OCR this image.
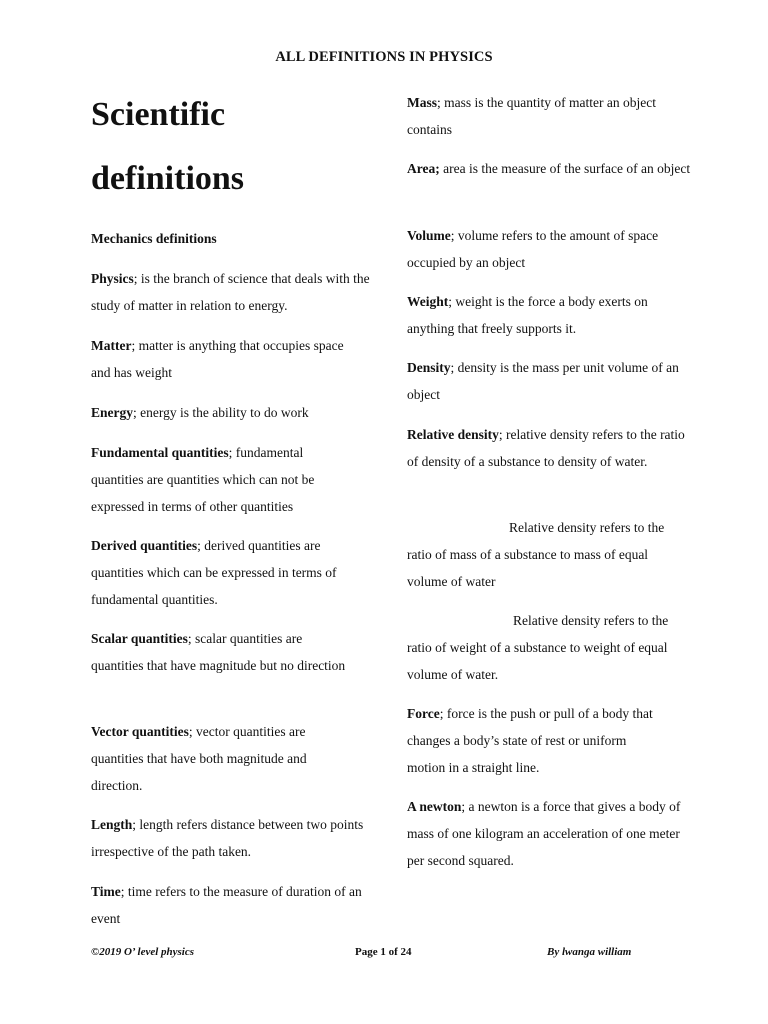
ALL DEFINITIONS IN PHYSICS
Scientific
definitions
Mechanics definitions

Physics; is the branch of science that deals with the study of matter in relation to energy.

Matter; matter is anything that occupies space and has weight

Energy; energy is the ability to do work

Fundamental quantities; fundamental quantities are quantities which can not be expressed in terms of other quantities

Derived quantities; derived quantities are quantities which can be expressed in terms of fundamental quantities.

Scalar quantities; scalar quantities are quantities that have magnitude but no direction

Vector quantities; vector quantities are quantities that have both magnitude and direction.

Length; length refers distance between two points irrespective of the path taken.

Time; time refers to the measure of duration of an event

Mass; mass is the quantity of matter an object contains

Area; area is the measure of the surface of an object

Volume; volume refers to the amount of space occupied by an object

Weight; weight is the force a body exerts on anything that freely supports it.

Density; density is the mass per unit volume of an object

Relative density; relative density refers to the ratio of density of a substance to density of water.

Relative density refers to the ratio of mass of a substance to mass of equal volume of water

Relative density refers to the ratio of weight of a substance to weight of equal volume of water.

Force; force is the push or pull of a body that changes a body’s state of rest or uniform motion in a straight line.

A newton; a newton is a force that gives a body of mass of one kilogram an acceleration of one meter per second squared.

©2019 O’ level physics	Page 1 of 24	By lwanga william
